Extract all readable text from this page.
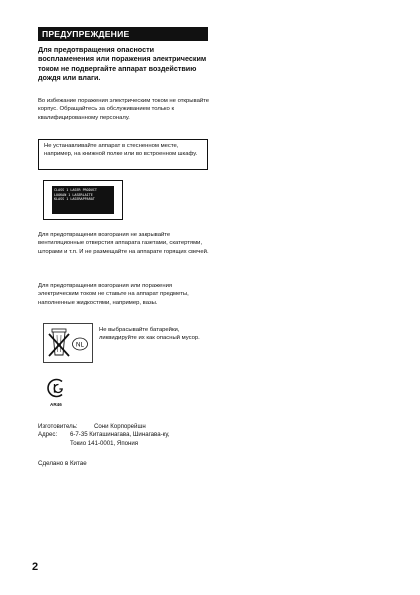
ПРЕДУПРЕЖДЕНИЕ

Для предотвращения опасности воспламенения или поражения электрическим током не подвергайте аппарат воздействию дождя или влаги.

Во избежание поражения электрическим током не открывайте корпус. Обращайтесь за обслуживанием только к квалифицированному персоналу.

Не устанавливайте аппарат в стесненном месте, например, на книжной полке или во встроенном шкафу.
CLASS 1 LASER PRODUCT
LUOKAN 1 LASERLAITE
KLASS 1 LASERAPPARAT

Для предотвращения возгорания не закрывайте вентиляционные отверстия аппарата газетами, скатертями, шторами и т.п. И не размещайте на аппарате горящих свечей.

Для предотвращения возгорания или поражения электрическим током не ставьте на аппарат предметы, наполненные жидкостями, например, вазы.

NL

Не выбрасывайте батарейки, ликвидируйте их как опасный мусор.

AR46

Изготовитель:	Сони Корпорейшн
Адрес:	6-7-35 Киташинагава, Шинагава-ку,
Токио 141-0001, Япония

Сделано в Китае

2
